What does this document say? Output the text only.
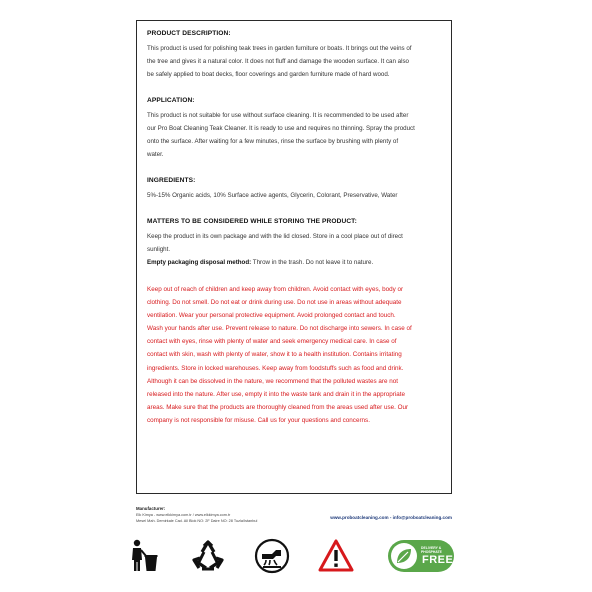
PRODUCT DESCRIPTION:

This product is used for polishing teak trees in garden furniture or boats. It brings out the veins of

the tree and gives it a natural color. It does not fluff and damage the wooden surface. It can also

be safely applied to boat decks, floor coverings and garden furniture made of hard wood.

APPLICATION:

This product is not suitable for use without surface cleaning. It is recommended to be used after

our Pro Boat Cleaning Teak Cleaner. It is ready to use and requires no thinning. Spray the product

onto the surface. After waiting for a few minutes, rinse the surface by brushing with plenty of

water.

INGREDIENTS:

5%-15% Organic acids, 10% Surface active agents, Glycerin, Colorant, Preservative, Water

MATTERS TO BE CONSIDERED WHILE STORING THE PRODUCT:

Keep the product in its own package and with the lid closed. Store in a cool place out of direct

sunlight.

Empty packaging disposal method: Throw in the trash. Do not leave it to nature.

Keep out of reach of children and keep away from children. Avoid contact with eyes, body or

clothing. Do not smell. Do not eat or drink during use. Do not use in areas without adequate

ventilation. Wear your personal protective equipment. Avoid prolonged contact and touch.

Wash your hands after use. Prevent release to nature. Do not discharge into sewers. In case of

contact with eyes, rinse with plenty of water and seek emergency medical care. In case of

contact with skin, wash with plenty of water, show it to a health institution. Contains irritating

ingredients. Store in locked warehouses. Keep away from foodstuffs such as food and drink.

Although it can be dissolved in the nature, we recommend that the polluted wastes are not

released into the nature. After use, empty it into the waste tank and drain it in the appropriate

areas. Make sure that the products are thoroughly cleaned from the areas used after use. Our

company is not responsible for misuse. Call us for your questions and concerns.

Manufacturer:
Elk Kimya - www.elkkimya.com.tr / www.elkkimya.com.tr
Mesel Mah. Demirkale Cad. All Blok NO: 2F Daire NO: 28 Tuzla/Istanbul
www.proboatcleaning.com - info@proboatcleaning.com
DELIVERY & PHOSPHATE
FREE
